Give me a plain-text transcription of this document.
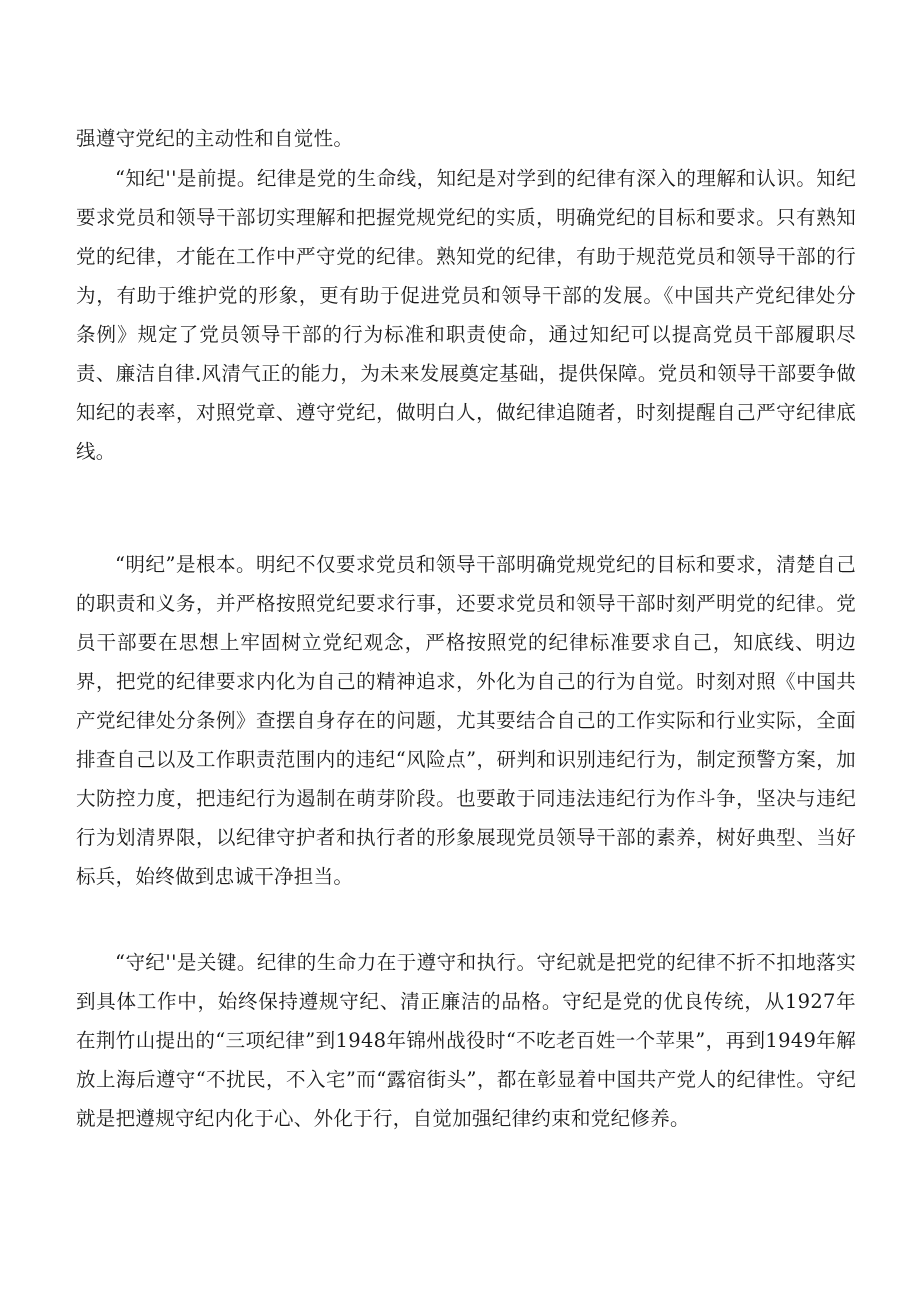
强遵守党纪的主动性和自觉性。

“知纪''是前提。纪律是党的生命线，知纪是对学到的纪律有深入的理解和认识。知纪要求党员和领导干部切实理解和把握党规党纪的实质，明确党纪的目标和要求。只有熟知党的纪律，才能在工作中严守党的纪律。熟知党的纪律，有助于规范党员和领导干部的行为，有助于维护党的形象，更有助于促进党员和领导干部的发展。《中国共产党纪律处分条例》规定了党员领导干部的行为标准和职责使命，通过知纪可以提高党员干部履职尽责、廉洁自律.风清气正的能力，为未来发展奠定基础，提供保障。党员和领导干部要争做知纪的表率，对照党章、遵守党纪，做明白人，做纪律追随者，时刻提醒自己严守纪律底线。

“明纪”是根本。明纪不仅要求党员和领导干部明确党规党纪的目标和要求，清楚自己的职责和义务，并严格按照党纪要求行事，还要求党员和领导干部时刻严明党的纪律。党员干部要在思想上牢固树立党纪观念，严格按照党的纪律标准要求自己，知底线、明边界，把党的纪律要求内化为自己的精神追求，外化为自己的行为自觉。时刻对照《中国共产党纪律处分条例》查摆自身存在的问题，尤其要结合自己的工作实际和行业实际，全面排查自己以及工作职责范围内的违纪“风险点”，研判和识别违纪行为，制定预警方案，加大防控力度，把违纪行为遏制在萌芽阶段。也要敢于同违法违纪行为作斗争，坚决与违纪行为划清界限，以纪律守护者和执行者的形象展现党员领导干部的素养，树好典型、当好标兵，始终做到忠诚干净担当。

“守纪''是关键。纪律的生命力在于遵守和执行。守纪就是把党的纪律不折不扣地落实到具体工作中，始终保持遵规守纪、清正廉洁的品格。守纪是党的优良传统，从1927年在荆竹山提出的“三项纪律”到1948年锦州战役时“不吃老百姓一个苹果”，再到1949年解放上海后遵守“不扰民，不入宅”而“露宿街头”，都在彰显着中国共产党人的纪律性。守纪就是把遵规守纪内化于心、外化于行，自觉加强纪律约束和党纪修养。
